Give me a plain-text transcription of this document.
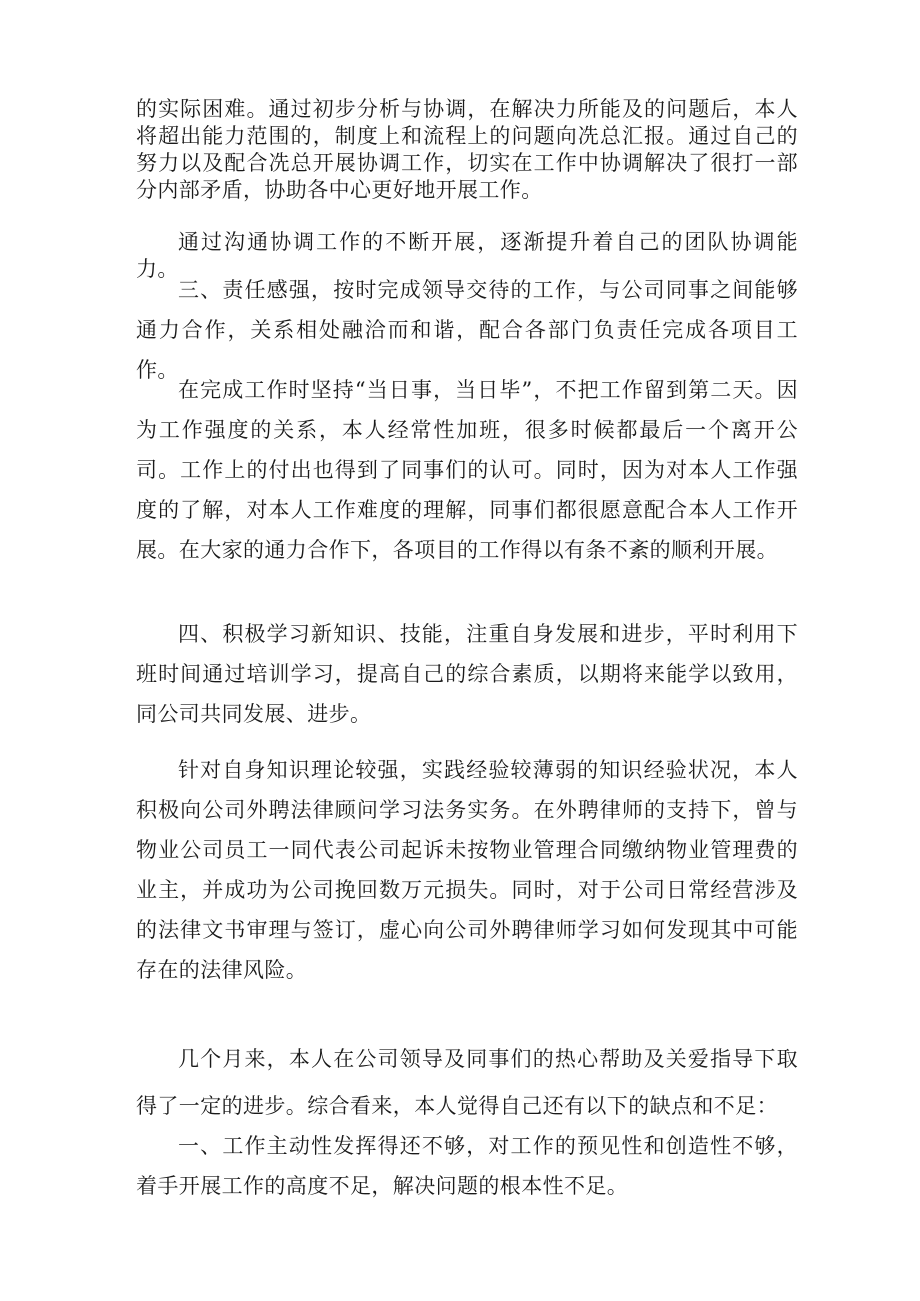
的实际困难。通过初步分析与协调，在解决力所能及的问题后，本人将超出能力范围的，制度上和流程上的问题向冼总汇报。通过自己的努力以及配合冼总开展协调工作，切实在工作中协调解决了很打一部分内部矛盾，协助各中心更好地开展工作。

通过沟通协调工作的不断开展，逐渐提升着自己的团队协调能力。

三、责任感强，按时完成领导交待的工作，与公司同事之间能够通力合作，关系相处融洽而和谐，配合各部门负责任完成各项目工作。

在完成工作时坚持“当日事，当日毕”，不把工作留到第二天。因为工作强度的关系，本人经常性加班，很多时候都最后一个离开公司。工作上的付出也得到了同事们的认可。同时，因为对本人工作强度的了解，对本人工作难度的理解，同事们都很愿意配合本人工作开展。在大家的通力合作下，各项目的工作得以有条不紊的顺利开展。

四、积极学习新知识、技能，注重自身发展和进步，平时利用下班时间通过培训学习，提高自己的综合素质，以期将来能学以致用，同公司共同发展、进步。

针对自身知识理论较强，实践经验较薄弱的知识经验状况，本人积极向公司外聘法律顾问学习法务实务。在外聘律师的支持下，曾与物业公司员工一同代表公司起诉未按物业管理合同缴纳物业管理费的业主，并成功为公司挽回数万元损失。同时，对于公司日常经营涉及的法律文书审理与签订，虚心向公司外聘律师学习如何发现其中可能存在的法律风险。

几个月来，本人在公司领导及同事们的热心帮助及关爱指导下取得了一定的进步。综合看来，本人觉得自己还有以下的缺点和不足：

一、工作主动性发挥得还不够，对工作的预见性和创造性不够，着手开展工作的高度不足，解决问题的根本性不足。
